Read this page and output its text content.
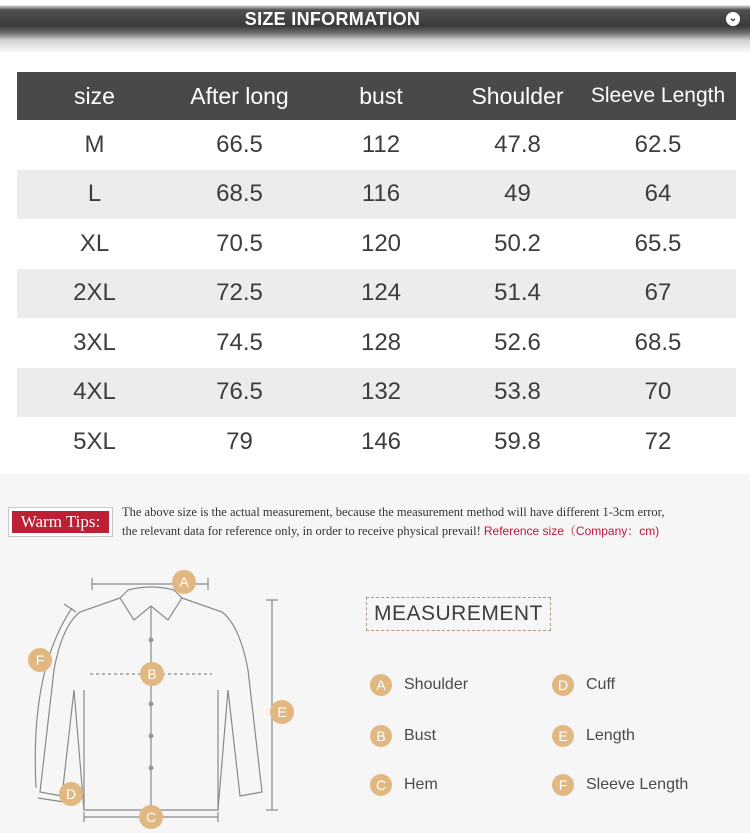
SIZE INFORMATION	⌄
size	After long	bust	Shoulder	Sleeve Length
M	66.5	112	47.8	62.5
L	68.5	116	49	64
XL	70.5	120	50.2	65.5
2XL	72.5	124	51.4	67
3XL	74.5	128	52.6	68.5
4XL	76.5	132	53.8	70
5XL	79	146	59.8	72
Warm Tips:	The above size is the actual measurement, because the measurement method will have different 1-3cm error,
the relevant data for reference only, in order to receive physical prevail! Reference size（Company：cm)
A
B
C
D
E
F
MEASUREMENT
A	Shoulder	D	Cuff
B	Bust	E	Length
C	Hem	F	Sleeve Length
